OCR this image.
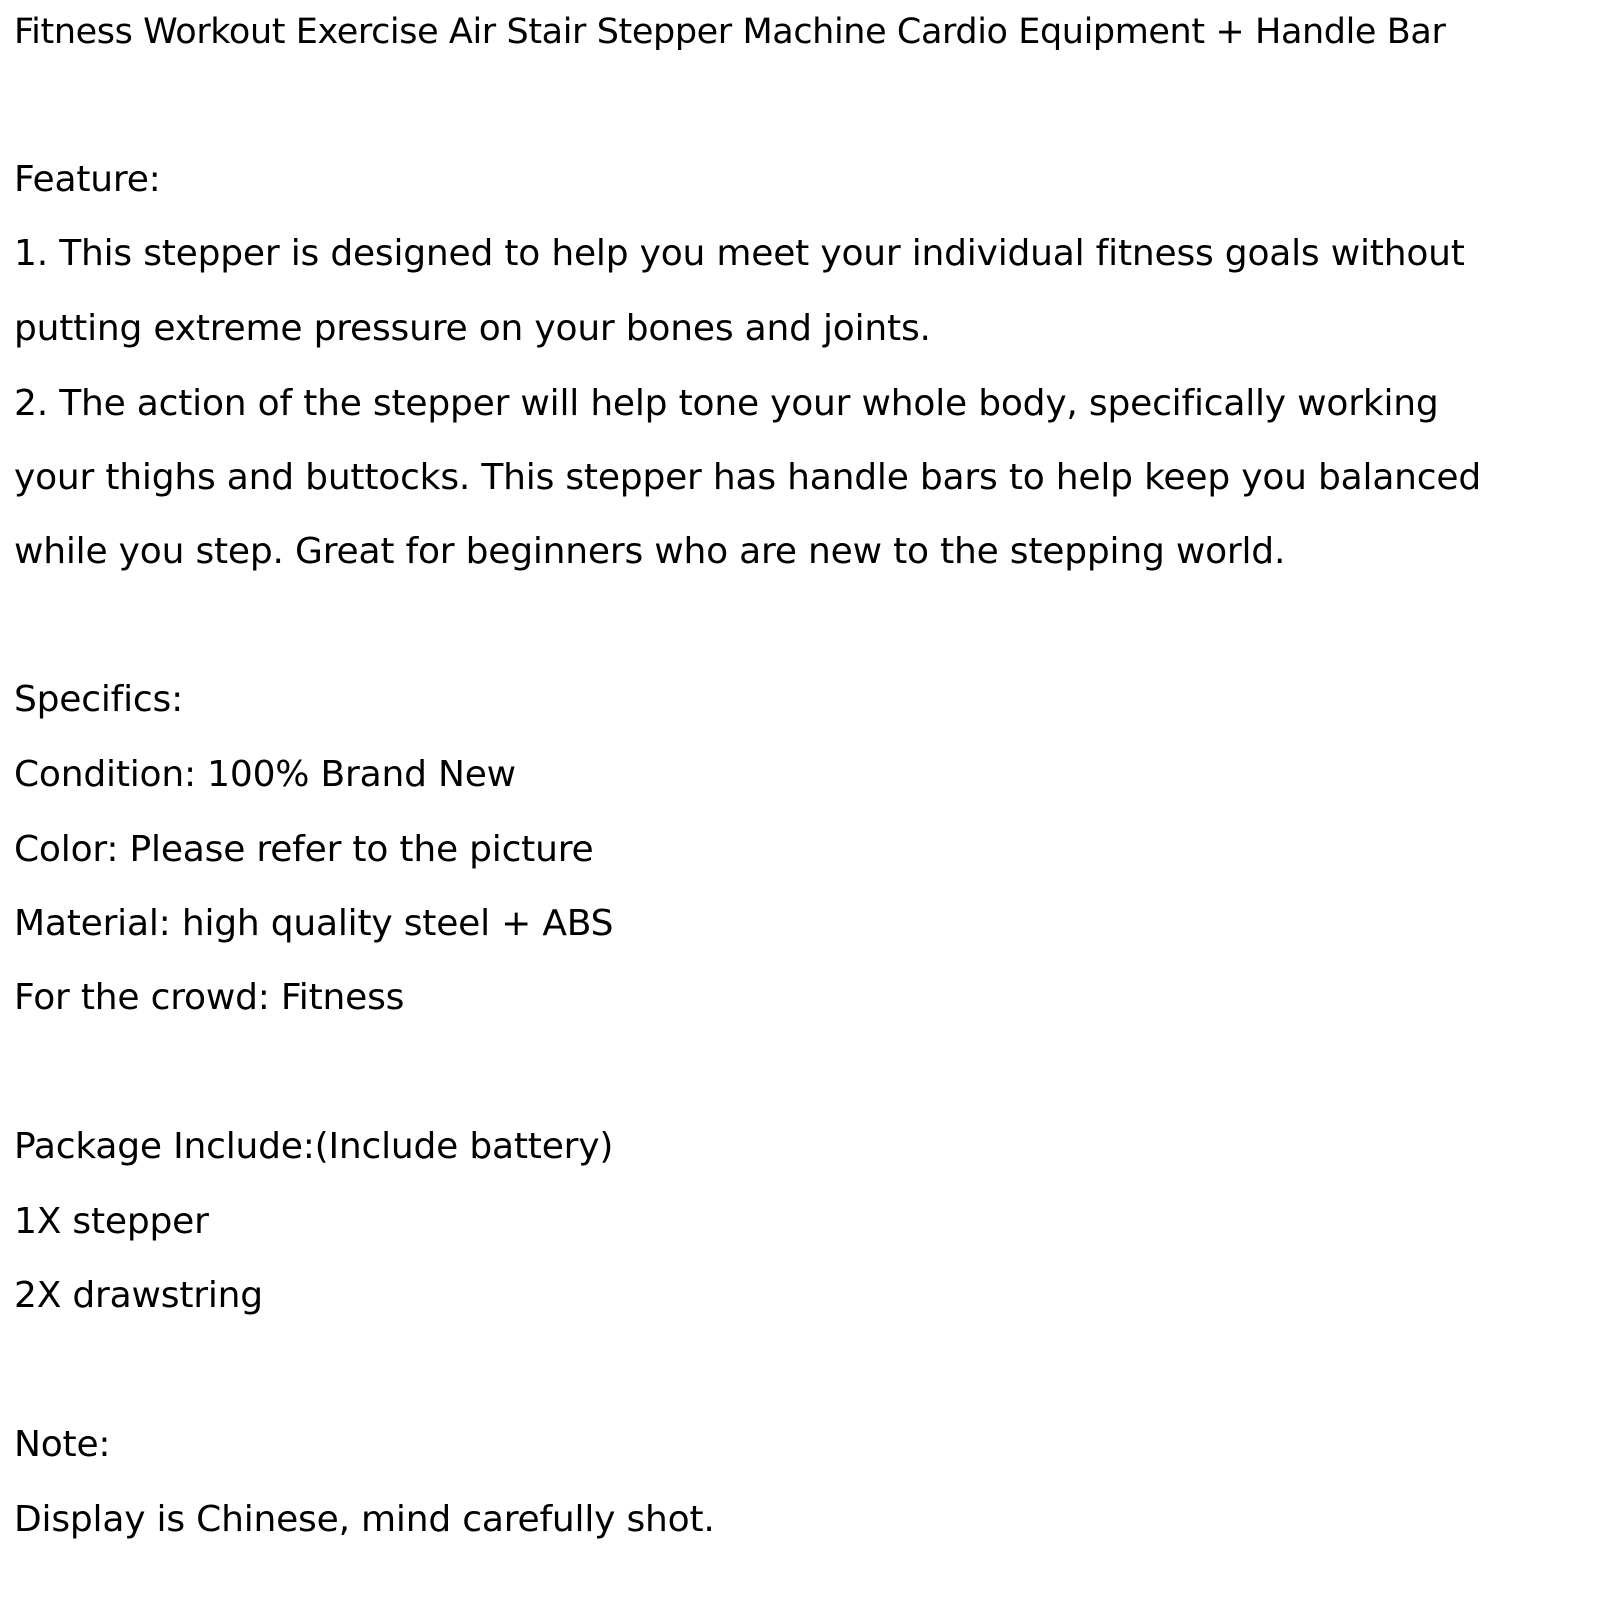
Fitness Workout Exercise Air Stair Stepper Machine Cardio Equipment + Handle Bar
Feature:
1. This stepper is designed to help you meet your individual fitness goals without
putting extreme pressure on your bones and joints.
2. The action of the stepper will help tone your whole body, specifically working
your thighs and buttocks. This stepper has handle bars to help keep you balanced
while you step. Great for beginners who are new to the stepping world.
Specifics:
Condition: 100% Brand New
Color: Please refer to the picture
Material: high quality steel + ABS
For the crowd: Fitness
Package Include:(Include battery)
1X stepper
2X drawstring
Note:
Display is Chinese, mind carefully shot.
